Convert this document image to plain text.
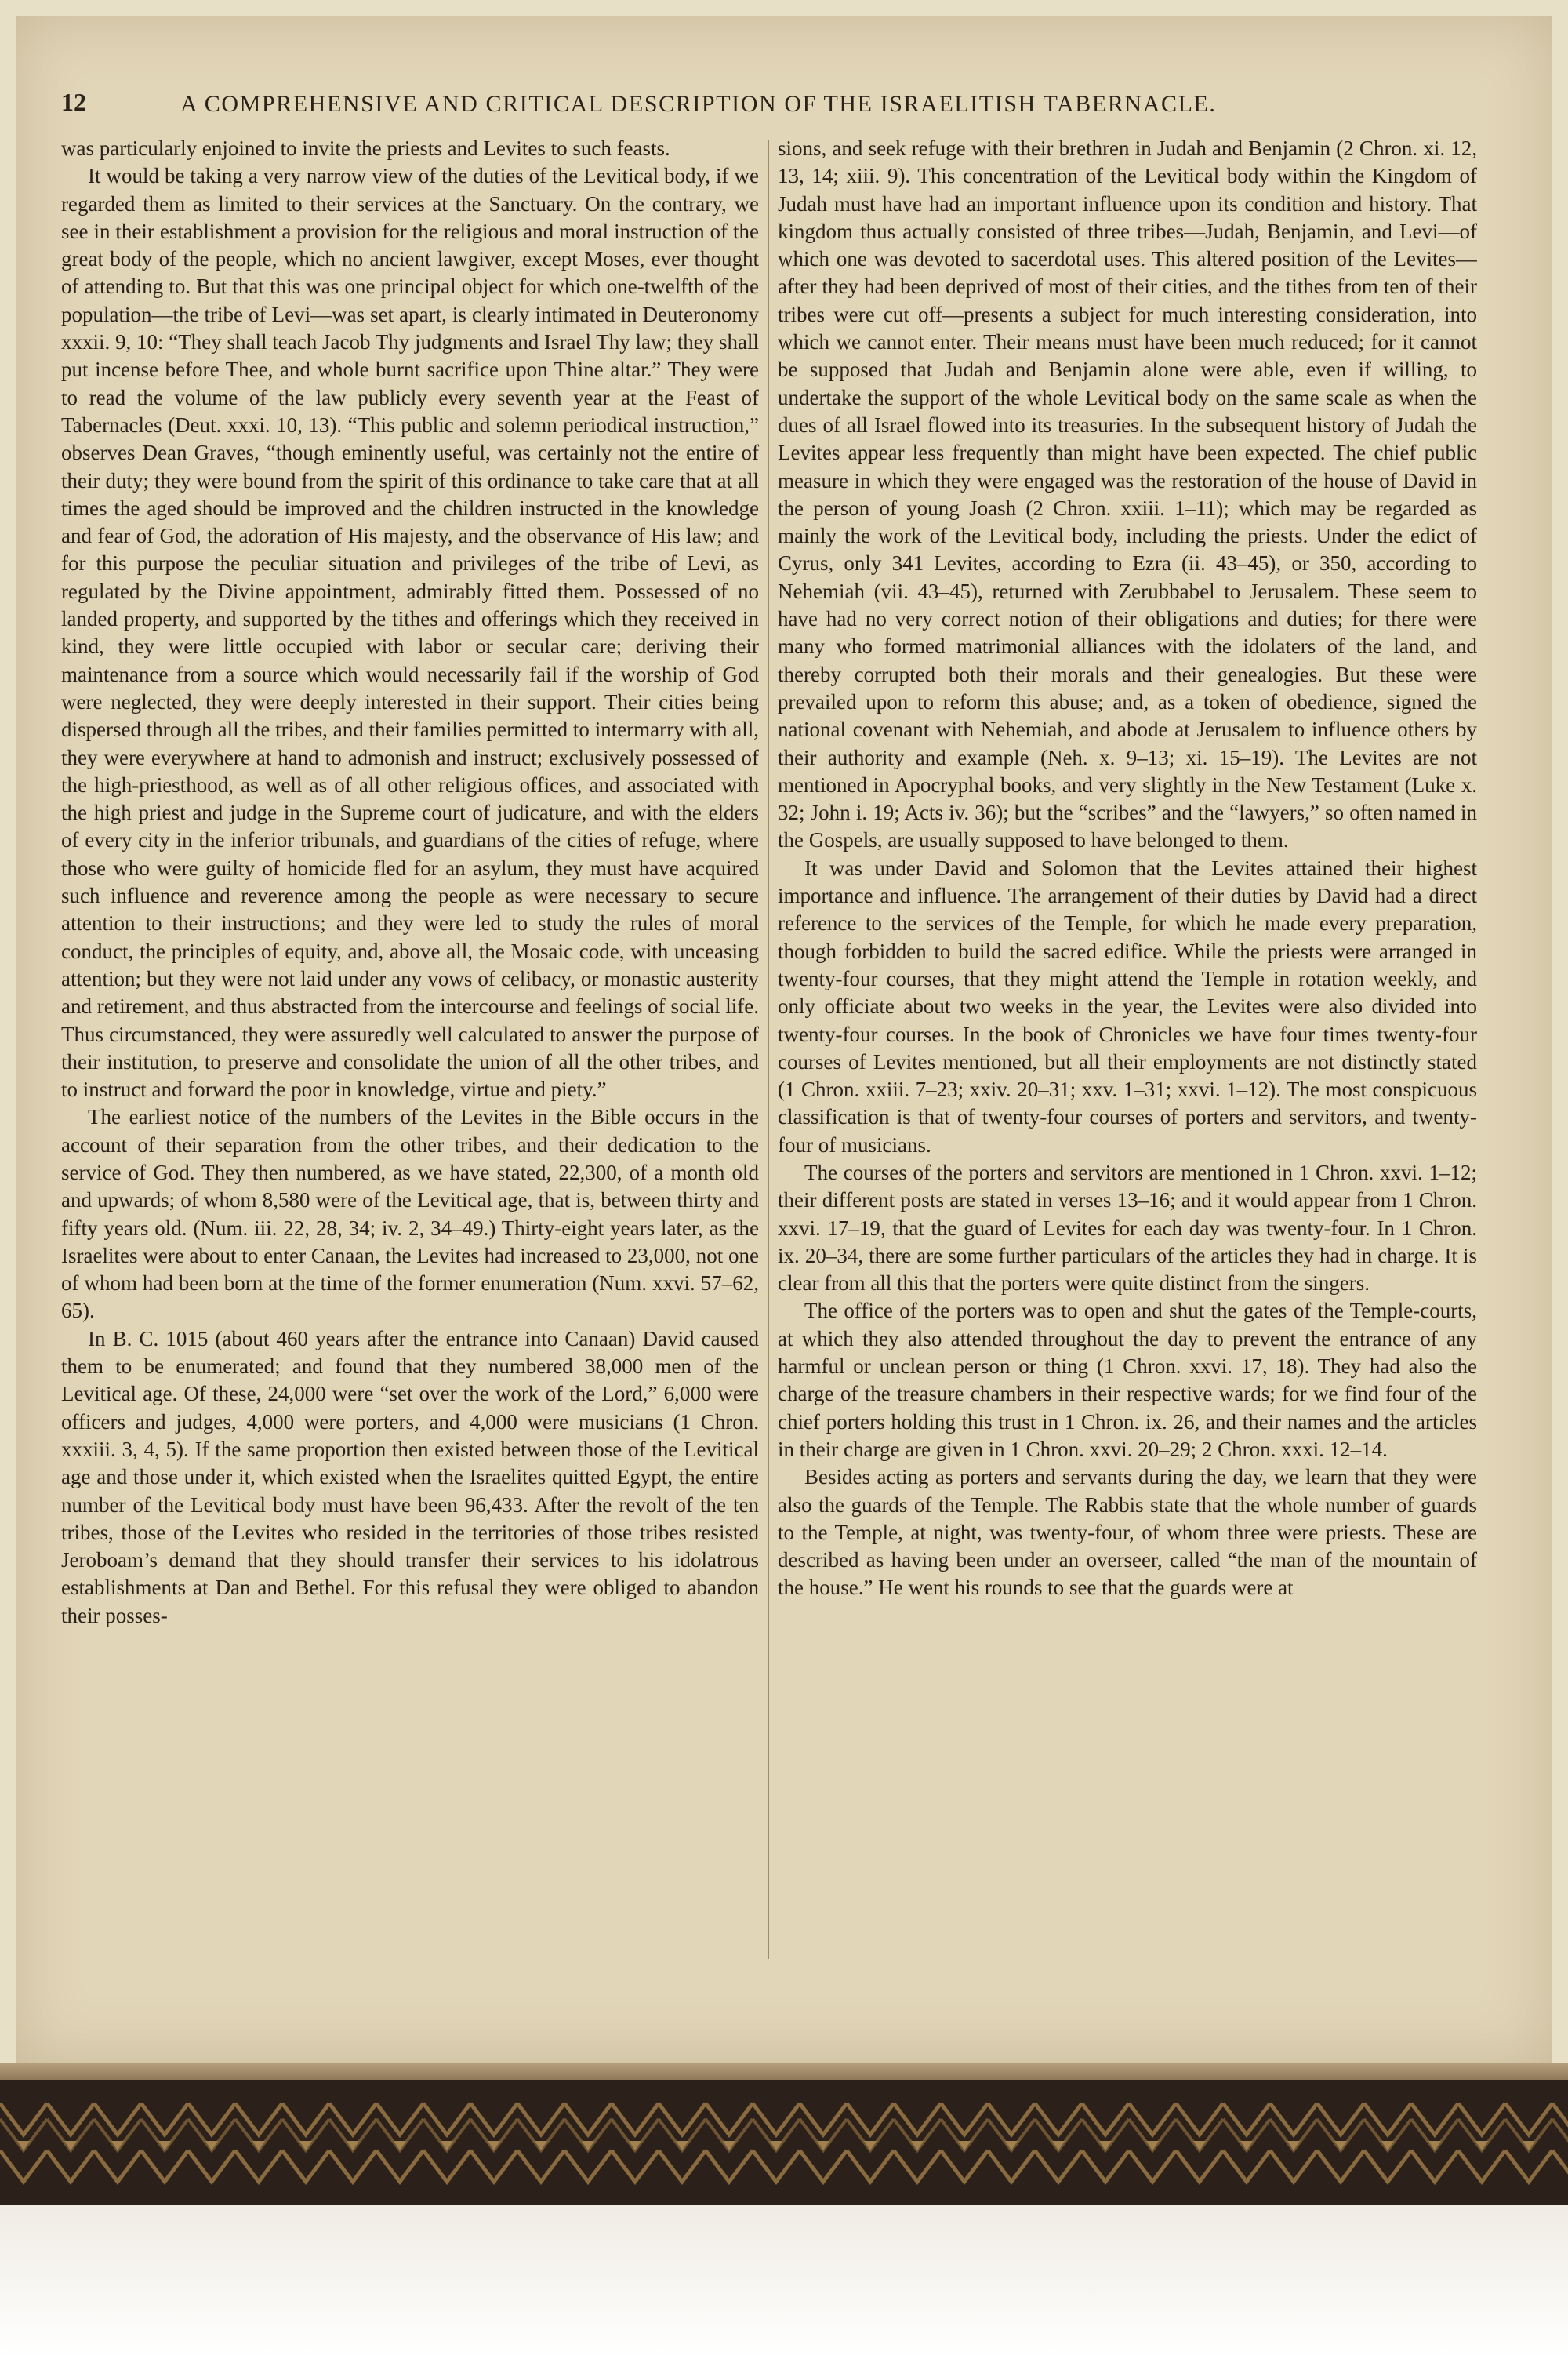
12	A COMPREHENSIVE AND CRITICAL DESCRIPTION OF THE ISRAELITISH TABERNACLE.

was particularly enjoined to invite the priests and Levites to such feasts.

It would be taking a very narrow view of the duties of the Levitical body, if we regarded them as limited to their services at the Sanctuary. On the contrary, we see in their establishment a provision for the religious and moral instruction of the great body of the people, which no ancient lawgiver, except Moses, ever thought of attending to. But that this was one principal object for which one-twelfth of the population—the tribe of Levi—was set apart, is clearly intimated in Deuteronomy xxxii. 9, 10: “They shall teach Jacob Thy judgments and Israel Thy law; they shall put incense before Thee, and whole burnt sacrifice upon Thine altar.” They were to read the volume of the law publicly every seventh year at the Feast of Tabernacles (Deut. xxxi. 10, 13). “This public and solemn periodical instruction,” observes Dean Graves, “though eminently useful, was certainly not the entire of their duty; they were bound from the spirit of this ordinance to take care that at all times the aged should be improved and the children instructed in the knowledge and fear of God, the adoration of His majesty, and the observance of His law; and for this purpose the peculiar situation and privileges of the tribe of Levi, as regulated by the Divine appointment, admirably fitted them. Possessed of no landed property, and supported by the tithes and offerings which they received in kind, they were little occupied with labor or secular care; deriving their maintenance from a source which would necessarily fail if the worship of God were neglected, they were deeply interested in their support. Their cities being dispersed through all the tribes, and their families permitted to intermarry with all, they were everywhere at hand to admonish and instruct; exclusively possessed of the high-priesthood, as well as of all other religious offices, and associated with the high priest and judge in the Supreme court of judicature, and with the elders of every city in the inferior tribunals, and guardians of the cities of refuge, where those who were guilty of homicide fled for an asylum, they must have acquired such influence and reverence among the people as were necessary to secure attention to their instructions; and they were led to study the rules of moral conduct, the principles of equity, and, above all, the Mosaic code, with unceasing attention; but they were not laid under any vows of celibacy, or monastic austerity and retirement, and thus abstracted from the intercourse and feelings of social life. Thus circumstanced, they were assuredly well calculated to answer the purpose of their institution, to preserve and consolidate the union of all the other tribes, and to instruct and forward the poor in knowledge, virtue and piety.”

The earliest notice of the numbers of the Levites in the Bible occurs in the account of their separation from the other tribes, and their dedication to the service of God. They then numbered, as we have stated, 22,300, of a month old and upwards; of whom 8,580 were of the Levitical age, that is, between thirty and fifty years old. (Num. iii. 22, 28, 34; iv. 2, 34–49.) Thirty-eight years later, as the Israelites were about to enter Canaan, the Levites had increased to 23,000, not one of whom had been born at the time of the former enumeration (Num. xxvi. 57–62, 65).

In B. C. 1015 (about 460 years after the entrance into Canaan) David caused them to be enumerated; and found that they numbered 38,000 men of the Levitical age. Of these, 24,000 were “set over the work of the Lord,” 6,000 were officers and judges, 4,000 were porters, and 4,000 were musicians (1 Chron. xxxiii. 3, 4, 5). If the same proportion then existed between those of the Levitical age and those under it, which existed when the Israelites quitted Egypt, the entire number of the Levitical body must have been 96,433. After the revolt of the ten tribes, those of the Levites who resided in the territories of those tribes resisted Jeroboam’s demand that they should transfer their services to his idolatrous establishments at Dan and Bethel. For this refusal they were obliged to abandon their posses-

sions, and seek refuge with their brethren in Judah and Benjamin (2 Chron. xi. 12, 13, 14; xiii. 9). This concentration of the Levitical body within the Kingdom of Judah must have had an important influence upon its condition and history. That kingdom thus actually consisted of three tribes—Judah, Benjamin, and Levi—of which one was devoted to sacerdotal uses. This altered position of the Levites—after they had been deprived of most of their cities, and the tithes from ten of their tribes were cut off—presents a subject for much interesting consideration, into which we cannot enter. Their means must have been much reduced; for it cannot be supposed that Judah and Benjamin alone were able, even if willing, to undertake the support of the whole Levitical body on the same scale as when the dues of all Israel flowed into its treasuries. In the subsequent history of Judah the Levites appear less frequently than might have been expected. The chief public measure in which they were engaged was the restoration of the house of David in the person of young Joash (2 Chron. xxiii. 1–11); which may be regarded as mainly the work of the Levitical body, including the priests. Under the edict of Cyrus, only 341 Levites, according to Ezra (ii. 43–45), or 350, according to Nehemiah (vii. 43–45), returned with Zerubbabel to Jerusalem. These seem to have had no very correct notion of their obligations and duties; for there were many who formed matrimonial alliances with the idolaters of the land, and thereby corrupted both their morals and their genealogies. But these were prevailed upon to reform this abuse; and, as a token of obedience, signed the national covenant with Nehemiah, and abode at Jerusalem to influence others by their authority and example (Neh. x. 9–13; xi. 15–19). The Levites are not mentioned in Apocryphal books, and very slightly in the New Testament (Luke x. 32; John i. 19; Acts iv. 36); but the “scribes” and the “lawyers,” so often named in the Gospels, are usually supposed to have belonged to them.

It was under David and Solomon that the Levites attained their highest importance and influence. The arrangement of their duties by David had a direct reference to the services of the Temple, for which he made every preparation, though forbidden to build the sacred edifice. While the priests were arranged in twenty-four courses, that they might attend the Temple in rotation weekly, and only officiate about two weeks in the year, the Levites were also divided into twenty-four courses. In the book of Chronicles we have four times twenty-four courses of Levites mentioned, but all their employments are not distinctly stated (1 Chron. xxiii. 7–23; xxiv. 20–31; xxv. 1–31; xxvi. 1–12). The most conspicuous classification is that of twenty-four courses of porters and servitors, and twenty-four of musicians.

The courses of the porters and servitors are mentioned in 1 Chron. xxvi. 1–12; their different posts are stated in verses 13–16; and it would appear from 1 Chron. xxvi. 17–19, that the guard of Levites for each day was twenty-four. In 1 Chron. ix. 20–34, there are some further particulars of the articles they had in charge. It is clear from all this that the porters were quite distinct from the singers.

The office of the porters was to open and shut the gates of the Temple-courts, at which they also attended throughout the day to prevent the entrance of any harmful or unclean person or thing (1 Chron. xxvi. 17, 18). They had also the charge of the treasure chambers in their respective wards; for we find four of the chief porters holding this trust in 1 Chron. ix. 26, and their names and the articles in their charge are given in 1 Chron. xxvi. 20–29; 2 Chron. xxxi. 12–14.

Besides acting as porters and servants during the day, we learn that they were also the guards of the Temple. The Rabbis state that the whole number of guards to the Temple, at night, was twenty-four, of whom three were priests. These are described as having been under an overseer, called “the man of the mountain of the house.” He went his rounds to see that the guards were at
